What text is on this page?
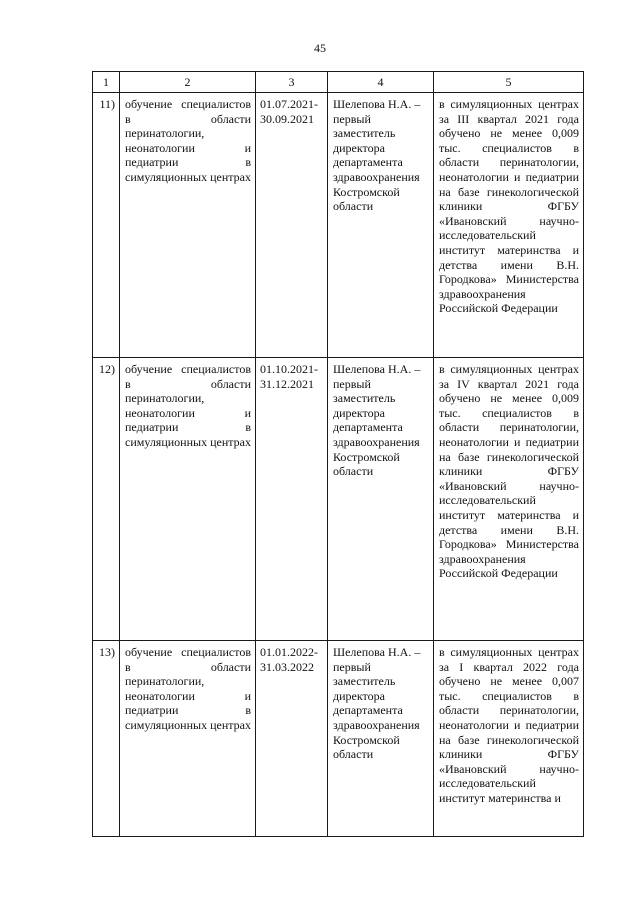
45
1	2	3	4	5

11)	обучение специалистов в области перинатологии, неонатологии и педиатрии в симуляционных центрах	01.07.2021-30.09.2021	Шелепова Н.А. – первый заместитель директора департамента здравоохранения Костромской области	в симуляционных центрах за III квартал 2021 года обучено не менее 0,009 тыс. специалистов в области перинатологии, неонатологии и педиатрии на базе гинекологической клиники ФГБУ «Ивановский научно-исследовательский институт материнства и детства имени В.Н. Городкова» Министерства здравоохранения Российской Федерации

12)	обучение специалистов в области перинатологии, неонатологии и педиатрии в симуляционных центрах	01.10.2021-31.12.2021	Шелепова Н.А. – первый заместитель директора департамента здравоохранения Костромской области	в симуляционных центрах за IV квартал 2021 года обучено не менее 0,009 тыс. специалистов в области перинатологии, неонатологии и педиатрии на базе гинекологической клиники ФГБУ «Ивановский научно-исследовательский институт материнства и детства имени В.Н. Городкова» Министерства здравоохранения Российской Федерации

13)	обучение специалистов в области перинатологии, неонатологии и педиатрии в симуляционных центрах	01.01.2022-31.03.2022	Шелепова Н.А. – первый заместитель директора департамента здравоохранения Костромской области	в симуляционных центрах за I квартал 2022 года обучено не менее 0,007 тыс. специалистов в области перинатологии, неонатологии и педиатрии на базе гинекологической клиники ФГБУ «Ивановский научно-исследовательский институт материнства и
